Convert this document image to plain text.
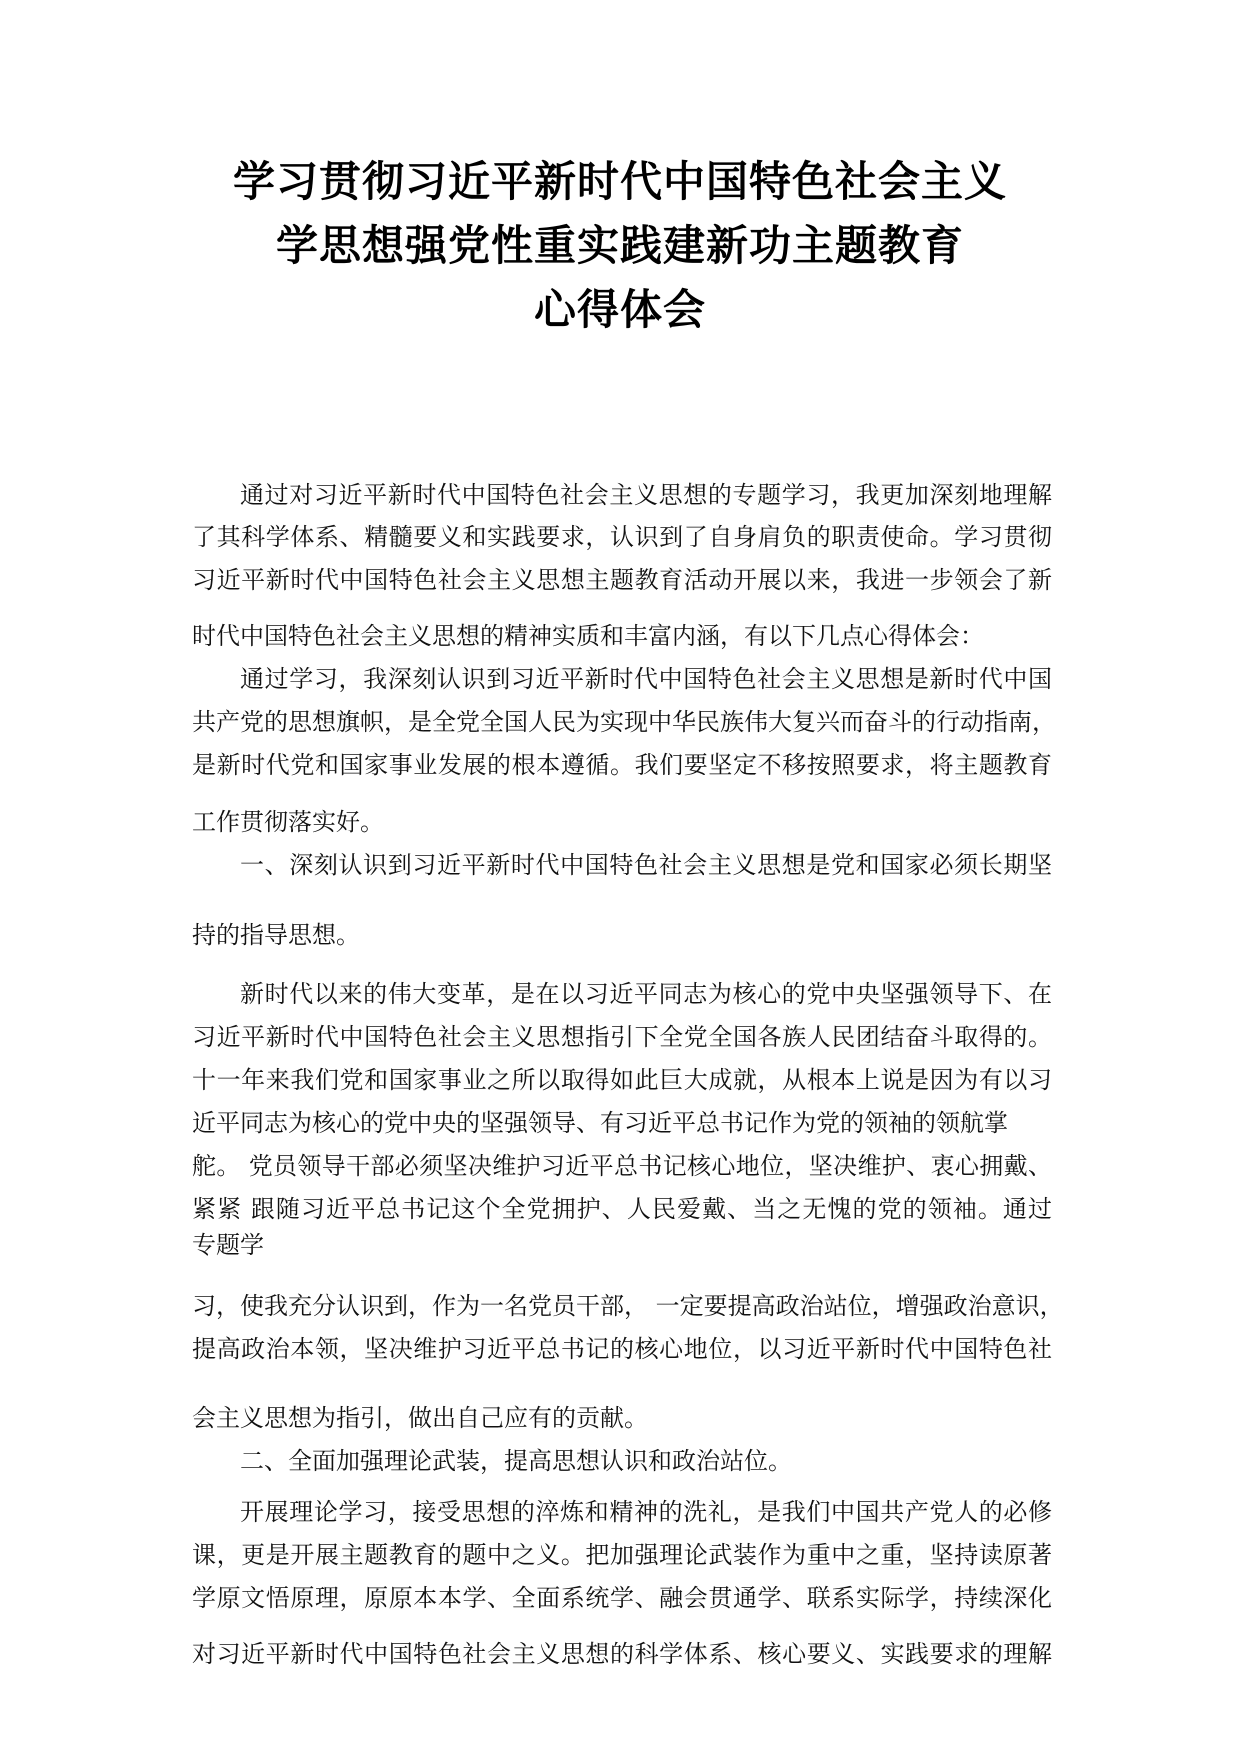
学习贯彻习近平新时代中国特色社会主义
学思想强党性重实践建新功主题教育
心得体会
通过对习近平新时代中国特色社会主义思想的专题学习，我更加深刻地理解
了其科学体系、精髓要义和实践要求，认识到了自身肩负的职责使命。学习贯彻
习近平新时代中国特色社会主义思想主题教育活动开展以来，我进一步领会了新
时代中国特色社会主义思想的精神实质和丰富内涵，有以下几点心得体会：
通过学习，我深刻认识到习近平新时代中国特色社会主义思想是新时代中国
共产党的思想旗帜，是全党全国人民为实现中华民族伟大复兴而奋斗的行动指南，
是新时代党和国家事业发展的根本遵循。我们要坚定不移按照要求，将主题教育
工作贯彻落实好。
一、深刻认识到习近平新时代中国特色社会主义思想是党和国家必须长期坚
持的指导思想。
新时代以来的伟大变革，是在以习近平同志为核心的党中央坚强领导下、在
习近平新时代中国特色社会主义思想指引下全党全国各族人民团结奋斗取得的。
十一年来我们党和国家事业之所以取得如此巨大成就，从根本上说是因为有以习
近平同志为核心的党中央的坚强领导、有习近平总书记作为党的领袖的领航掌
舵。 党员领导干部必须坚决维护习近平总书记核心地位，坚决维护、衷心拥戴、
紧紧 跟随习近平总书记这个全党拥护、人民爱戴、当之无愧的党的领袖。通过
专题学
习，使我充分认识到，作为一名党员干部， 一定要提高政治站位，增强政治意识，
提高政治本领，坚决维护习近平总书记的核心地位，以习近平新时代中国特色社
会主义思想为指引，做出自己应有的贡献。
二、全面加强理论武装，提高思想认识和政治站位。
开展理论学习，接受思想的淬炼和精神的洗礼，是我们中国共产党人的必修
课，更是开展主题教育的题中之义。把加强理论武装作为重中之重，坚持读原著
学原文悟原理，原原本本学、全面系统学、融会贯通学、联系实际学，持续深化
对习近平新时代中国特色社会主义思想的科学体系、核心要义、实践要求的理解
